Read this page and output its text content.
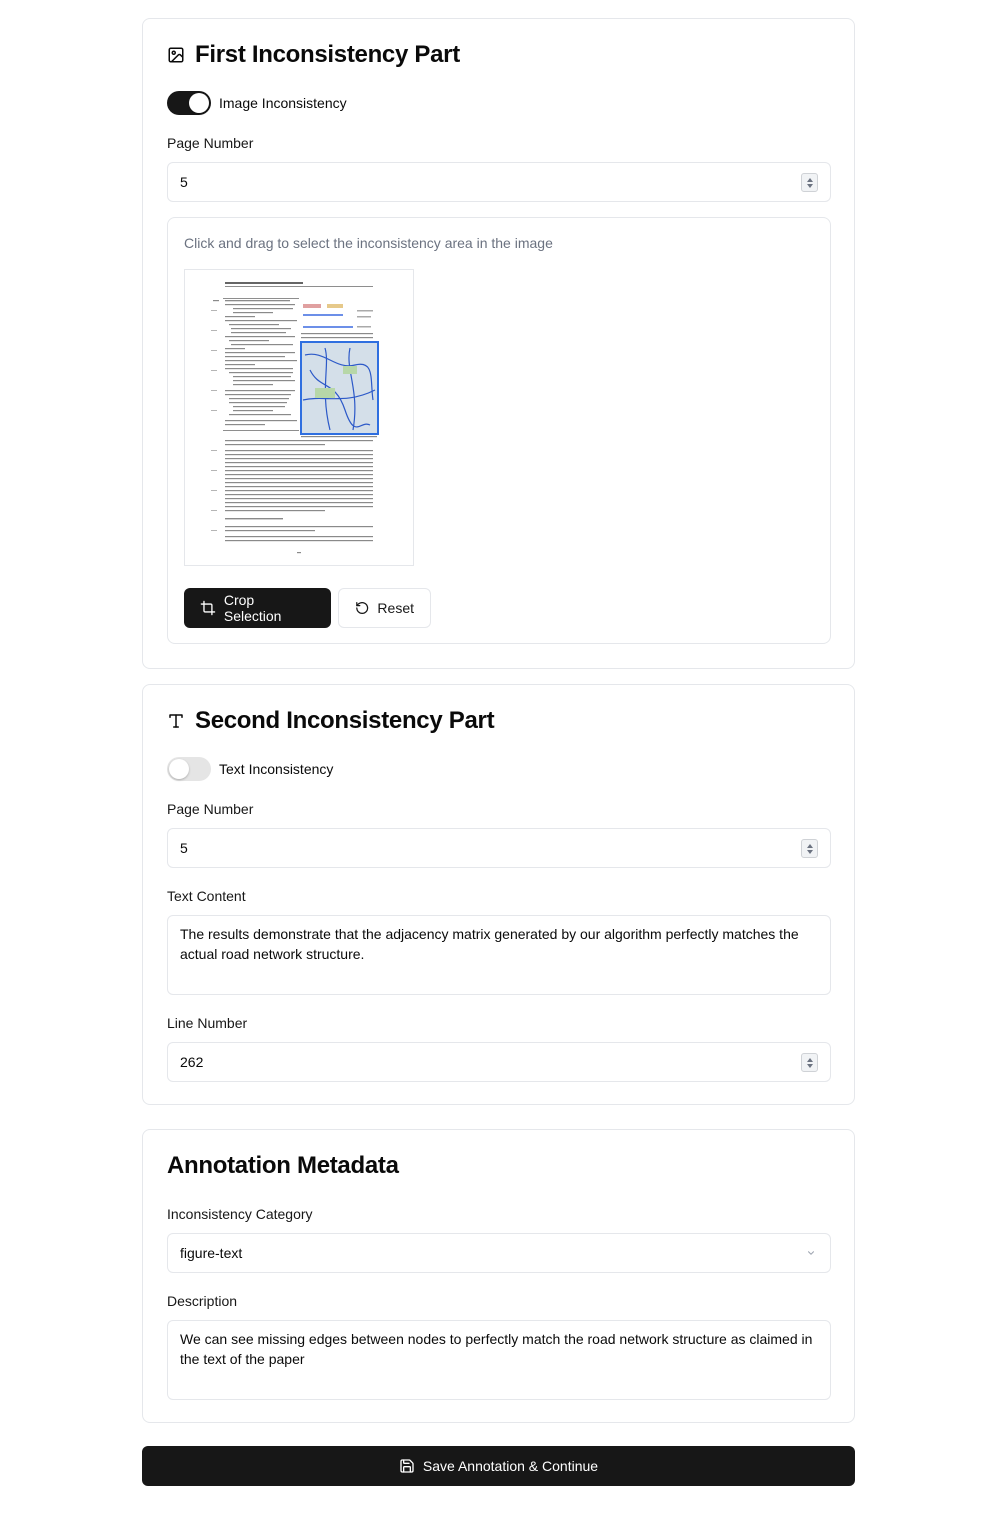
First Inconsistency Part
Image Inconsistency
Page Number
5
Click and drag to select the inconsistency area in the image
Crop Selection	Reset
Second Inconsistency Part
Text Inconsistency
Page Number
5
Text Content
The results demonstrate that the adjacency matrix generated by our algorithm perfectly matches the actual road network structure.
Line Number
262
Annotation Metadata
Inconsistency Category
figure-text
Description
We can see missing edges between nodes to perfectly match the road network structure as claimed in the text of the paper
Save Annotation & Continue
